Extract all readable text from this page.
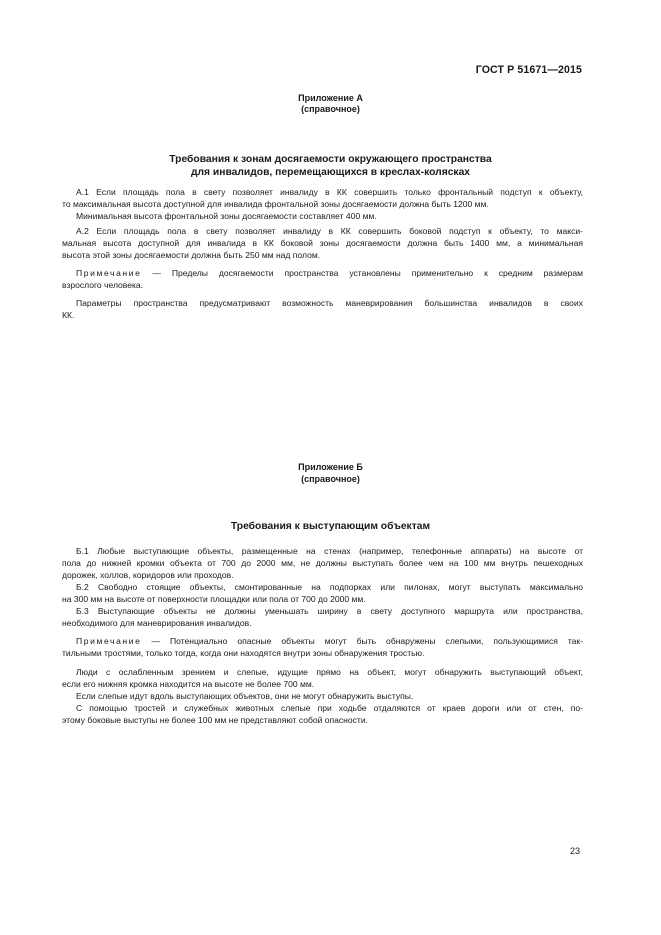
ГОСТ Р 51671—2015
Приложение А
(справочное)
Требования к зонам досягаемости окружающего пространства
для инвалидов, перемещающихся в креслах-колясках
А.1 Если площадь пола в свету позволяет инвалиду в КК совершить только фронтальный подступ к объекту,
то максимальная высота доступной для инвалида фронтальной зоны досягаемости должна быть 1200 мм.
Минимальная высота фронтальной зоны досягаемости составляет 400 мм.
А.2 Если площадь пола в свету позволяет инвалиду в КК совершить боковой подступ к объекту, то макси-
мальная высота доступной для инвалида в КК боковой зоны досягаемости должна быть 1400 мм, а минимальная
высота этой зоны досягаемости должна быть 250 мм над полом.
Примечание — Пределы досягаемости пространства установлены применительно к средним размерам
взрослого человека.
Параметры пространства предусматривают возможность маневрирования большинства инвалидов в своих
КК.
Приложение Б
(справочное)
Требования к выступающим объектам
Б.1 Любые выступающие объекты, размещенные на стенах (например, телефонные аппараты) на высоте от
пола до нижней кромки объекта от 700 до 2000 мм, не должны выступать более чем на 100 мм внутрь пешеходных
дорожек, холлов, коридоров или проходов.
Б.2 Свободно стоящие объекты, смонтированные на подпорках или пилонах, могут выступать максимально
на 300 мм на высоте от поверхности площадки или пола от 700 до 2000 мм.
Б.3 Выступающие объекты не должны уменьшать ширину в свету доступного маршрута или пространства,
необходимого для маневрирования инвалидов.
Примечание — Потенциально опасные объекты могут быть обнаружены слепыми, пользующимися так-
тильными тростями, только тогда, когда они находятся внутри зоны обнаружения тростью.
Люди с ослабленным зрением и слепые, идущие прямо на объект, могут обнаружить выступающий объект,
если его нижняя кромка находится на высоте не более 700 мм.
Если слепые идут вдоль выступающих объектов, они не могут обнаружить выступы.
С помощью тростей и служебных животных слепые при ходьбе отдаляются от краев дороги или от стен, по-
этому боковые выступы не более 100 мм не представляют собой опасности.
23
